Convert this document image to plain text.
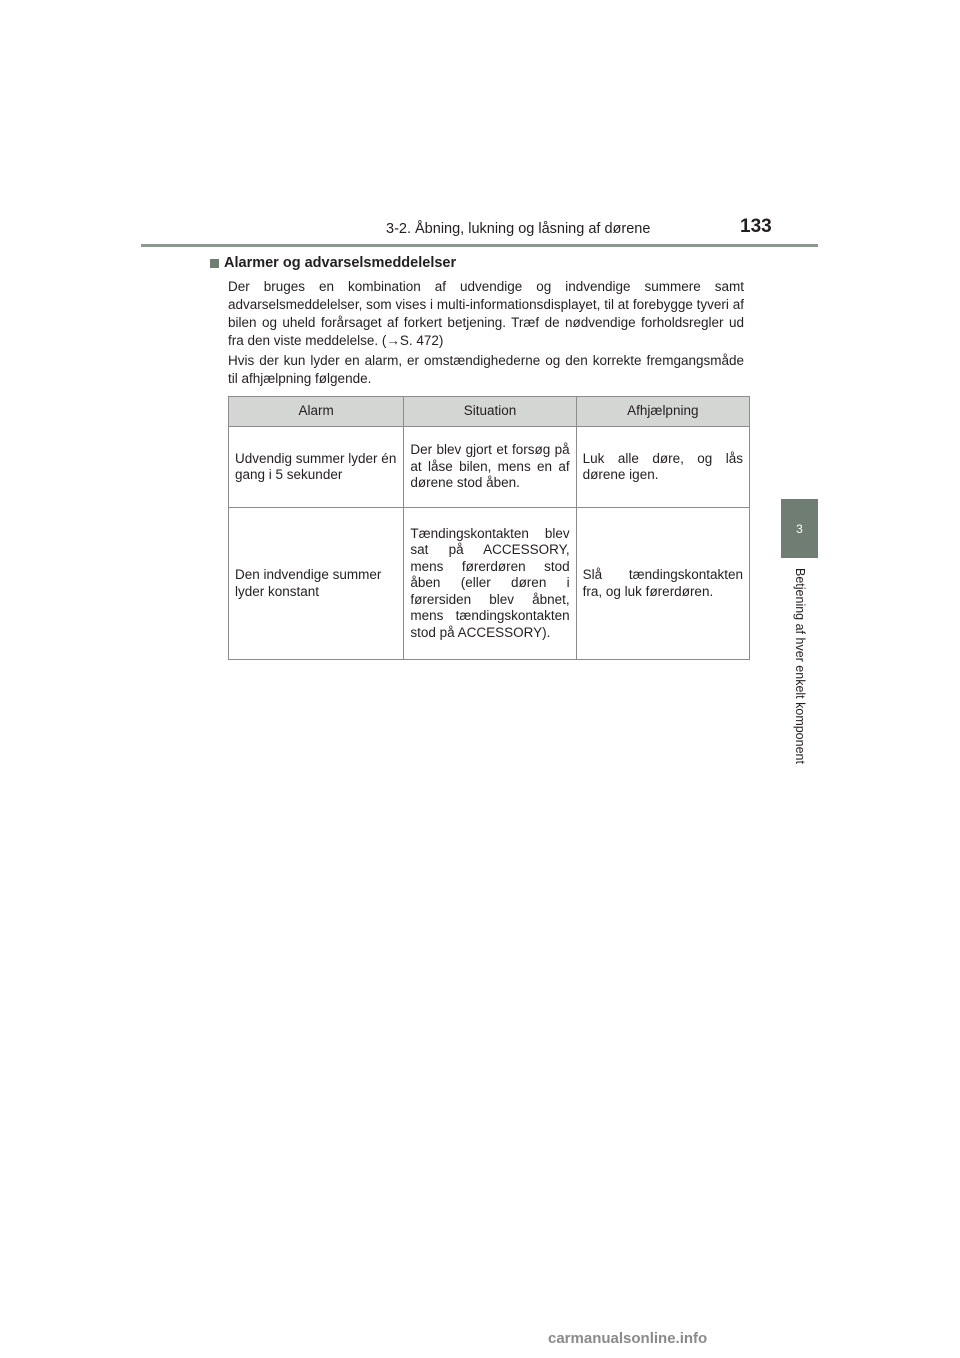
3-2. Åbning, lukning og låsning af dørene	133
3
Betjening af hver enkelt komponent
Alarmer og advarselsmeddelelser
Der bruges en kombination af udvendige og indvendige summere samt advarselsmeddelelser, som vises i multi-informationsdisplayet, til at forebygge tyveri af bilen og uheld forårsaget af forkert betjening. Træf de nødvendige forholdsregler ud fra den viste meddelelse. (→S. 472)
Hvis der kun lyder en alarm, er omstændighederne og den korrekte fremgangsmåde til afhjælpning følgende.
Alarm	Situation	Afhjælpning
Udvendig summer lyder én gang i 5 sekunder	Der blev gjort et forsøg på at låse bilen, mens en af dørene stod åben.	Luk alle døre, og lås dørene igen.
Den indvendige summer lyder konstant	Tændingskontakten blev sat på ACCESSORY, mens førerdøren stod åben (eller døren i førersiden blev åbnet, mens tændingskontakten stod på ACCESSORY).	Slå tændingskontakten fra, og luk førerdøren.
carmanualsonline.info
